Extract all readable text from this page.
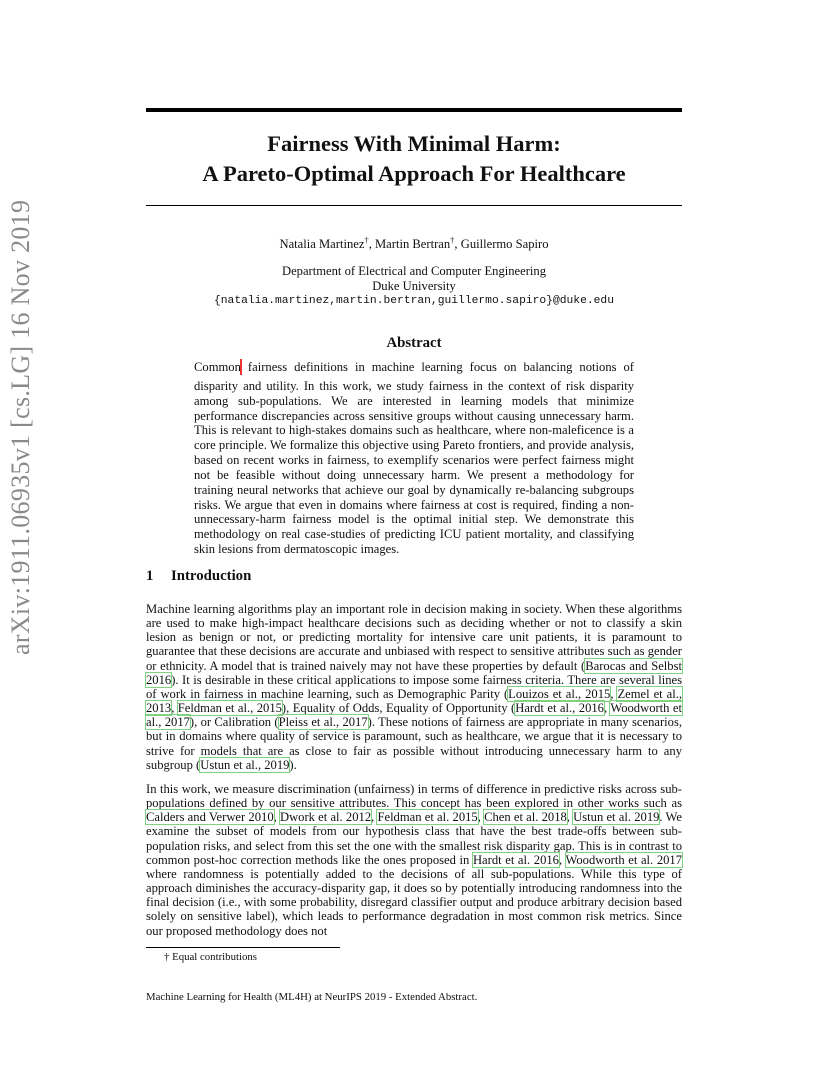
arXiv:1911.06935v1 [cs.LG] 16 Nov 2019
Fairness With Minimal Harm:
A Pareto-Optimal Approach For Healthcare
Natalia Martinez†, Martin Bertran†, Guillermo Sapiro
Department of Electrical and Computer Engineering
Duke University
{natalia.martinez,martin.bertran,guillermo.sapiro}@duke.edu
Abstract
Common fairness definitions in machine learning focus on balancing notions of disparity and utility. In this work, we study fairness in the context of risk disparity among sub-populations. We are interested in learning models that minimize performance discrepancies across sensitive groups without causing unnecessary harm. This is relevant to high-stakes domains such as healthcare, where non-maleficence is a core principle. We formalize this objective using Pareto frontiers, and provide analysis, based on recent works in fairness, to exemplify scenarios were perfect fairness might not be feasible without doing unnecessary harm. We present a methodology for training neural networks that achieve our goal by dynamically re-balancing subgroups risks. We argue that even in domains where fairness at cost is required, finding a non-unnecessary-harm fairness model is the optimal initial step. We demonstrate this methodology on real case-studies of predicting ICU patient mortality, and classifying skin lesions from dermatoscopic images.
1 Introduction
Machine learning algorithms play an important role in decision making in society. When these algorithms are used to make high-impact healthcare decisions such as deciding whether or not to classify a skin lesion as benign or not, or predicting mortality for intensive care unit patients, it is paramount to guarantee that these decisions are accurate and unbiased with respect to sensitive attributes such as gender or ethnicity. A model that is trained naively may not have these properties by default (Barocas and Selbst 2016). It is desirable in these critical applications to impose some fairness criteria. There are several lines of work in fairness in machine learning, such as Demographic Parity (Louizos et al., 2015, Zemel et al., 2013, Feldman et al., 2015), Equality of Odds, Equality of Opportunity (Hardt et al., 2016, Woodworth et al., 2017), or Calibration (Pleiss et al., 2017). These notions of fairness are appropriate in many scenarios, but in domains where quality of service is paramount, such as healthcare, we argue that it is necessary to strive for models that are as close to fair as possible without introducing unnecessary harm to any subgroup (Ustun et al., 2019).
In this work, we measure discrimination (unfairness) in terms of difference in predictive risks across sub-populations defined by our sensitive attributes. This concept has been explored in other works such as Calders and Verwer 2010, Dwork et al. 2012, Feldman et al. 2015, Chen et al. 2018, Ustun et al. 2019. We examine the subset of models from our hypothesis class that have the best trade-offs between sub-population risks, and select from this set the one with the smallest risk disparity gap. This is in contrast to common post-hoc correction methods like the ones proposed in Hardt et al. 2016, Woodworth et al. 2017 where randomness is potentially added to the decisions of all sub-populations. While this type of approach diminishes the accuracy-disparity gap, it does so by potentially introducing randomness into the final decision (i.e., with some probability, disregard classifier output and produce arbitrary decision based solely on sensitive label), which leads to performance degradation in most common risk metrics. Since our proposed methodology does not
† Equal contributions
Machine Learning for Health (ML4H) at NeurIPS 2019 - Extended Abstract.
